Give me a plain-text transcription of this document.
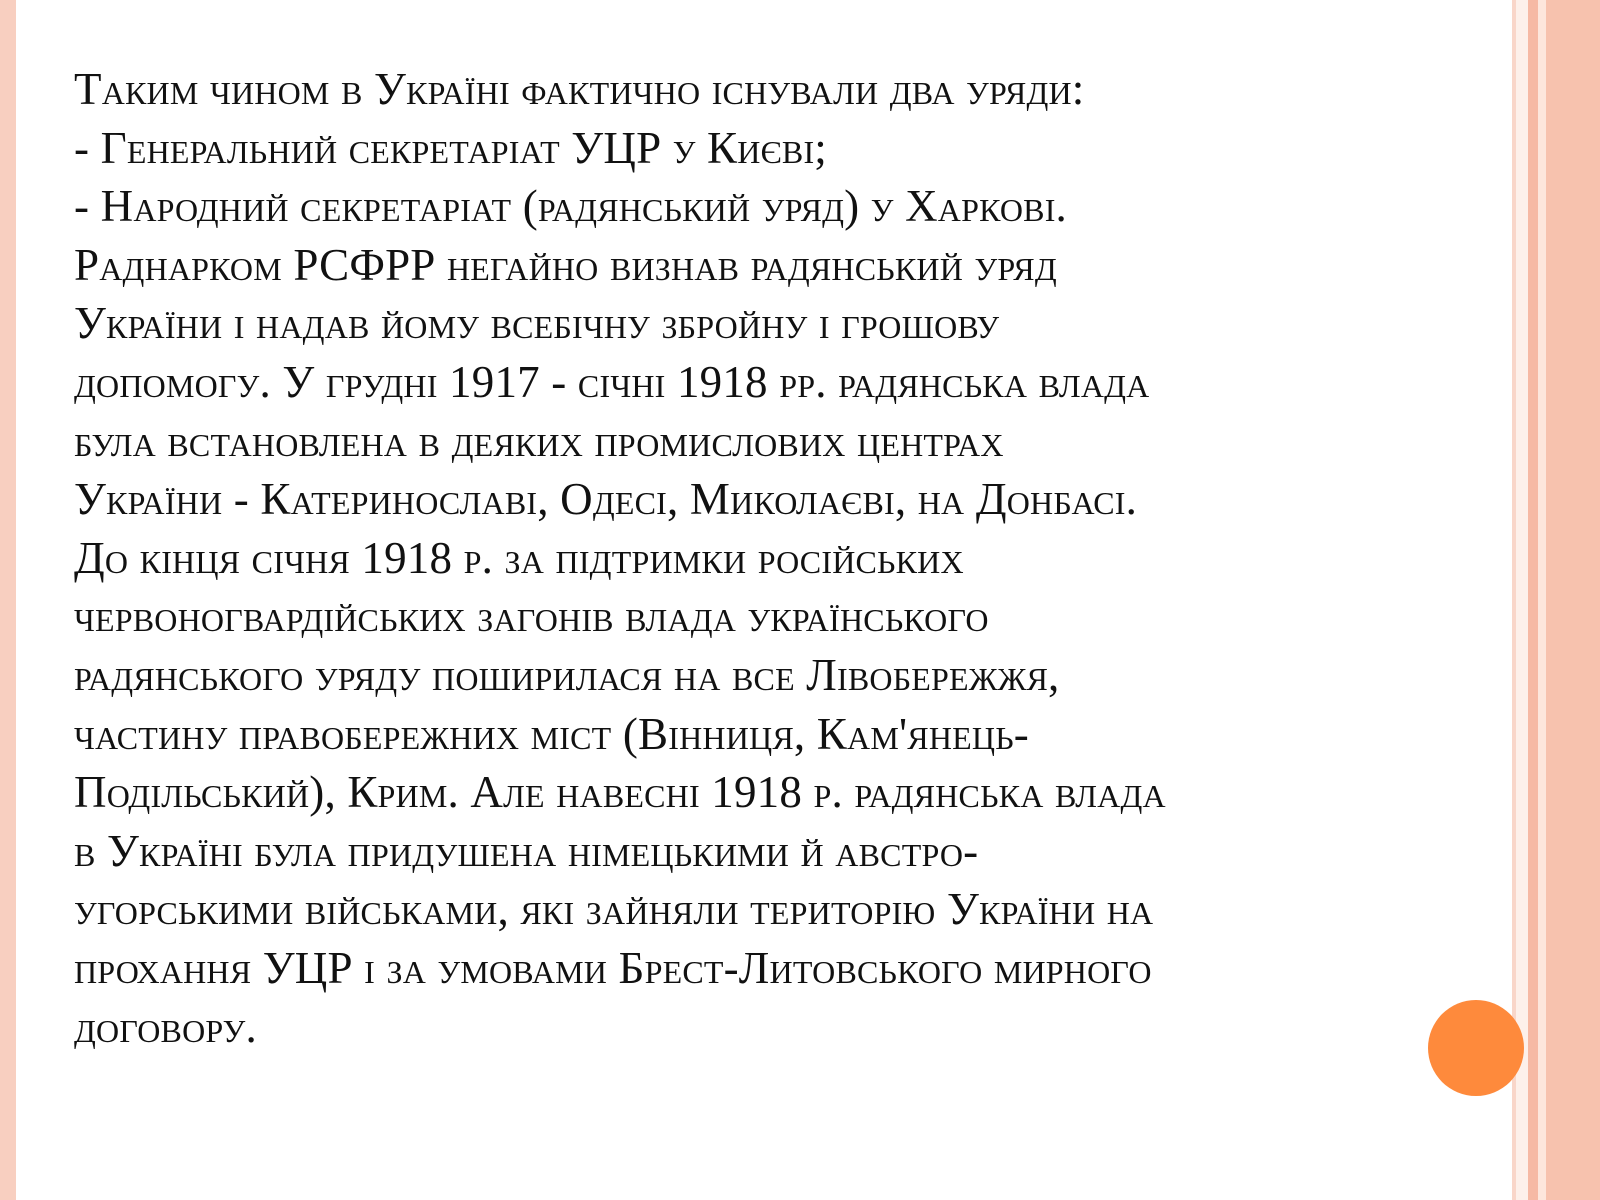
Таким чином в Україні фактично існували два уряди:
- Генеральний секретаріат УЦР у Києві;
- Народний секретаріат (радянський уряд) у Харкові.
Раднарком РСФРР негайно визнав радянський уряд
України і надав йому всебічну збройну і грошову
допомогу. У грудні 1917 - січні 1918 рр. радянська влада
була встановлена в деяких промислових центрах
України - Катеринославі, Одесі, Миколаєві, на Донбасі.
До кінця січня 1918 р. за підтримки російських
червоногвардійських загонів влада українського
радянського уряду поширилася на все Лівобережжя,
частину правобережних міст (Вінниця, Кам'янець-
Подільський), Крим. Але навесні 1918 р. радянська влада
в Україні була придушена німецькими й австро-
угорськими військами, які зайняли територію України на
прохання УЦР і за умовами Брест-Литовського мирного
договору.
